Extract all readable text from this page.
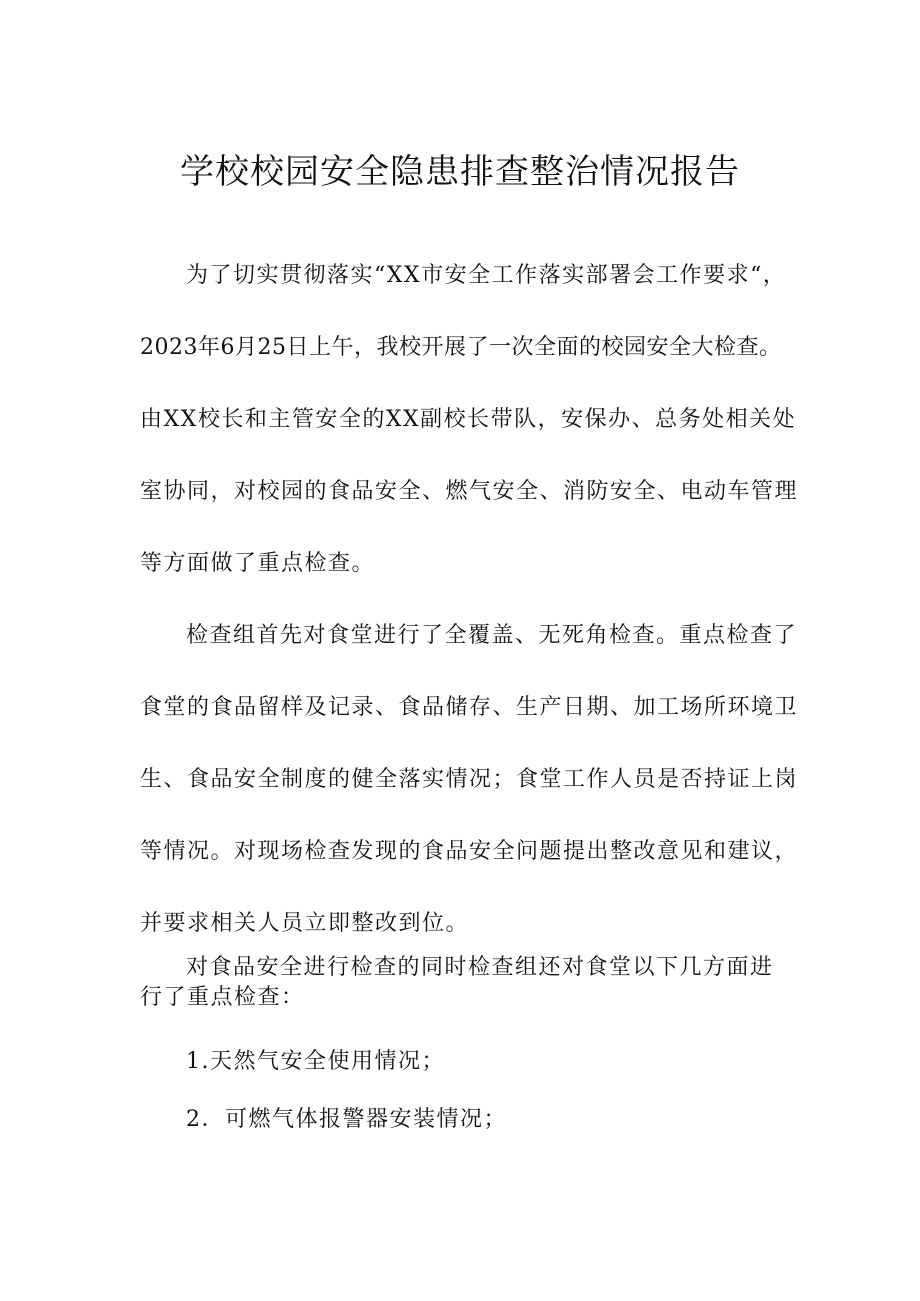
学校校园安全隐患排查整治情况报告

为了切实贯彻落实“XX市安全工作落实部署会工作要求“，

2023年6月25日上午，我校开展了一次全面的校园安全大检查。

由XX校长和主管安全的XX副校长带队，安保办、总务处相关处

室协同，对校园的食品安全、燃气安全、消防安全、电动车管理

等方面做了重点检查。

检查组首先对食堂进行了全覆盖、无死角检查。重点检查了

食堂的食品留样及记录、食品储存、生产日期、加工场所环境卫

生、食品安全制度的健全落实情况；食堂工作人员是否持证上岗

等情况。对现场检查发现的食品安全问题提出整改意见和建议，

并要求相关人员立即整改到位。

对食品安全进行检查的同时检查组还对食堂以下几方面进

行了重点检查：

1.天然气安全使用情况；

2．可燃气体报警器安装情况；
